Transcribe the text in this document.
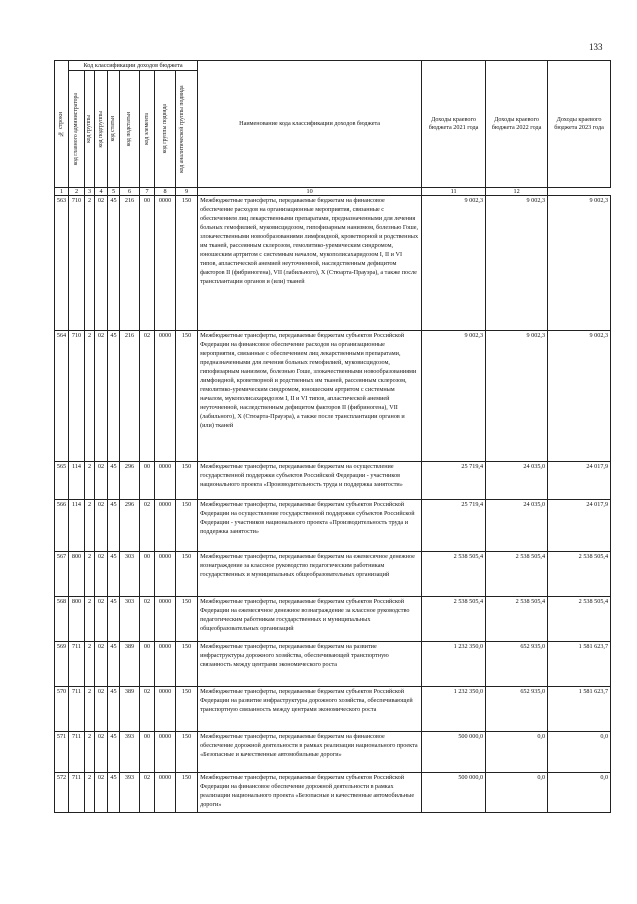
133
№ строки	Код классификации доходов бюджета								Наименование кода классификации доходов бюджета	Доходы краевого бюджета 2021 года	Доходы краевого бюджета 2022 года	Доходы краевого бюджета 2023 года

	код главного администратора	код группы	код подгруппы	код статьи	код подстатьи	код элемента	код группы подвида	код аналитической группы подвида				

1	2	3	4	5	6	7	8	9	10	11	12	
563	710	2	02	45	216	00	0000	150	Межбюджетные трансферты, передаваемые бюджетам на финансовое обеспечение расходов на организационные мероприятия, связанные с обеспечением лиц лекарственными препаратами, предназначенными для лечения больных гемофилией, муковисцидозом, гипофизарным нанизмом, болезнью Гоше, злокачественными новообразованиями лимфоидной, кроветворной и родственных им тканей, рассеянным склерозом, гемолитико-уремическим синдромом, юношеским артритом с системным началом, мукополисахаридозом I, II и VI типов, апластической анемией неуточненной, наследственным дефицитом факторов II (фибриногена), VII (лабильного), X (Стюарта-Прауэра), а также после трансплантации органов и (или) тканей	9 002,3	9 002,3	9 002,3
564	710	2	02	45	216	02	0000	150	Межбюджетные трансферты, передаваемые бюджетам субъектов Российской Федерации на финансовое обеспечение расходов на организационные мероприятия, связанные с обеспечением лиц лекарственными препаратами, предназначенными для лечения больных гемофилией, муковисцидозом, гипофизарным нанизмом, болезнью Гоше, злокачественными новообразованиями лимфоидной, кроветворной и родственных им тканей, рассеянным склерозом, гемолитико-уремическим синдромом, юношеским артритом с системным началом, мукополисахаридозом I, II и VI типов, апластической анемией неуточненной, наследственным дефицитом факторов II (фибриногена), VII (лабильного), X (Стюарта-Прауэра), а также после трансплантации органов и (или) тканей	9 002,3	9 002,3	9 002,3
565	114	2	02	45	296	00	0000	150	Межбюджетные трансферты, передаваемые бюджетам на осуществление государственной поддержки субъектов Российской Федерации - участников национального проекта «Производительность труда и поддержка занятости»	25 719,4	24 035,0	24 017,9
566	114	2	02	45	296	02	0000	150	Межбюджетные трансферты, передаваемые бюджетам субъектов Российской Федерации на осуществление государственной поддержки субъектов Российской Федерации - участников национального проекта «Производительность труда и поддержка занятости»	25 719,4	24 035,0	24 017,9
567	800	2	02	45	303	00	0000	150	Межбюджетные трансферты, передаваемые бюджетам на ежемесячное денежное вознаграждение за классное руководство педагогическим работникам государственных и муниципальных общеобразовательных организаций	2 538 505,4	2 538 505,4	2 538 505,4
568	800	2	02	45	303	02	0000	150	Межбюджетные трансферты, передаваемые бюджетам субъектов Российской Федерации на ежемесячное денежное вознаграждение за классное руководство педагогическим работникам государственных и муниципальных общеобразовательных организаций	2 538 505,4	2 538 505,4	2 538 505,4
569	711	2	02	45	389	00	0000	150	Межбюджетные трансферты, передаваемые бюджетам на развитие инфраструктуры дорожного хозяйства, обеспечивающей транспортную связанность между центрами экономического роста	1 232 350,0	652 935,0	1 581 623,7
570	711	2	02	45	389	02	0000	150	Межбюджетные трансферты, передаваемые бюджетам субъектов Российской Федерации на развитие инфраструктуры дорожного хозяйства, обеспечивающей транспортную связанность между центрами экономического роста	1 232 350,0	652 935,0	1 581 623,7
571	711	2	02	45	393	00	0000	150	Межбюджетные трансферты, передаваемые бюджетам на финансовое обеспечение дорожной деятельности в рамках реализации национального проекта «Безопасные и качественные автомобильные дороги»	500 000,0	0,0	0,0
572	711	2	02	45	393	02	0000	150	Межбюджетные трансферты, передаваемые бюджетам субъектов Российской Федерации на финансовое обеспечение дорожной деятельности в рамках реализации национального проекта «Безопасные и качественные автомобильные дороги»	500 000,0	0,0	0,0
